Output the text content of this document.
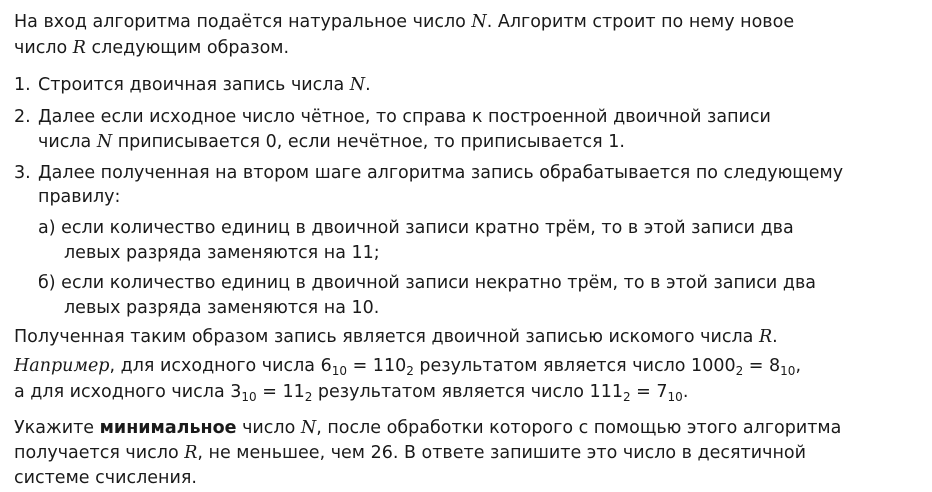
На вход алгоритма подаётся натуральное число N. Алгоритм строит по нему новое
число R следующим образом.
1. Строится двоичная запись числа N.
2. Далее если исходное число чётное, то справа к построенной двоичной записи
числа N приписывается 0, если нечётное, то приписывается 1.
3. Далее полученная на втором шаге алгоритма запись обрабатывается по следующему
правилу:
а) если количество единиц в двоичной записи кратно трём, то в этой записи два
левых разряда заменяются на 11;
б) если количество единиц в двоичной записи некратно трём, то в этой записи два
левых разряда заменяются на 10.
Полученная таким образом запись является двоичной записью искомого числа R.
Например, для исходного числа $6_{10} = 110_2$ результатом является число $1000_2 = 8_{10}$,
а для исходного числа $3_{10} = 11_2$ результатом является число $111_2 = 7_{10}$.
Укажите минимальное число N, после обработки которого с помощью этого алгоритма
получается число R, не меньшее, чем 26. В ответе запишите это число в десятичной
системе счисления.
